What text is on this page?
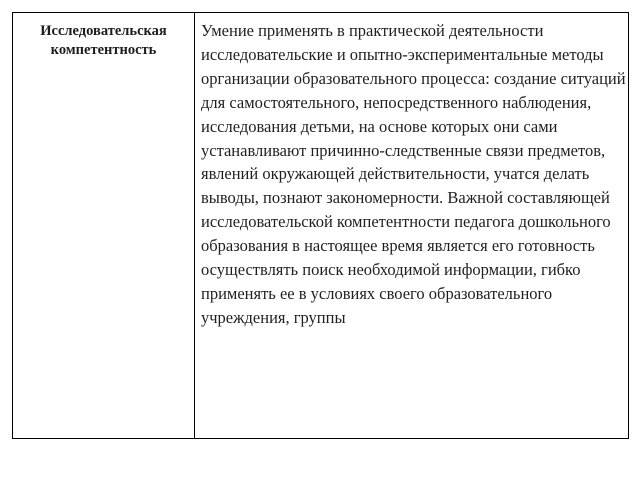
Исследовательская компетентность

Умение применять в практической деятельности исследовательские и опытно-экспериментальные методы организации образовательного процесса: создание ситуаций для самостоятельного, непосредственного наблюдения, исследования детьми, на основе которых они сами устанавливают причинно-следственные связи предметов, явлений окружающей действительности, учатся делать выводы, познают закономерности. Важной составляющей исследовательской компетентности педагога дошкольного образования в настоящее время является его готовность осуществлять поиск необходимой информации, гибко применять ее в условиях своего образовательного учреждения, группы
